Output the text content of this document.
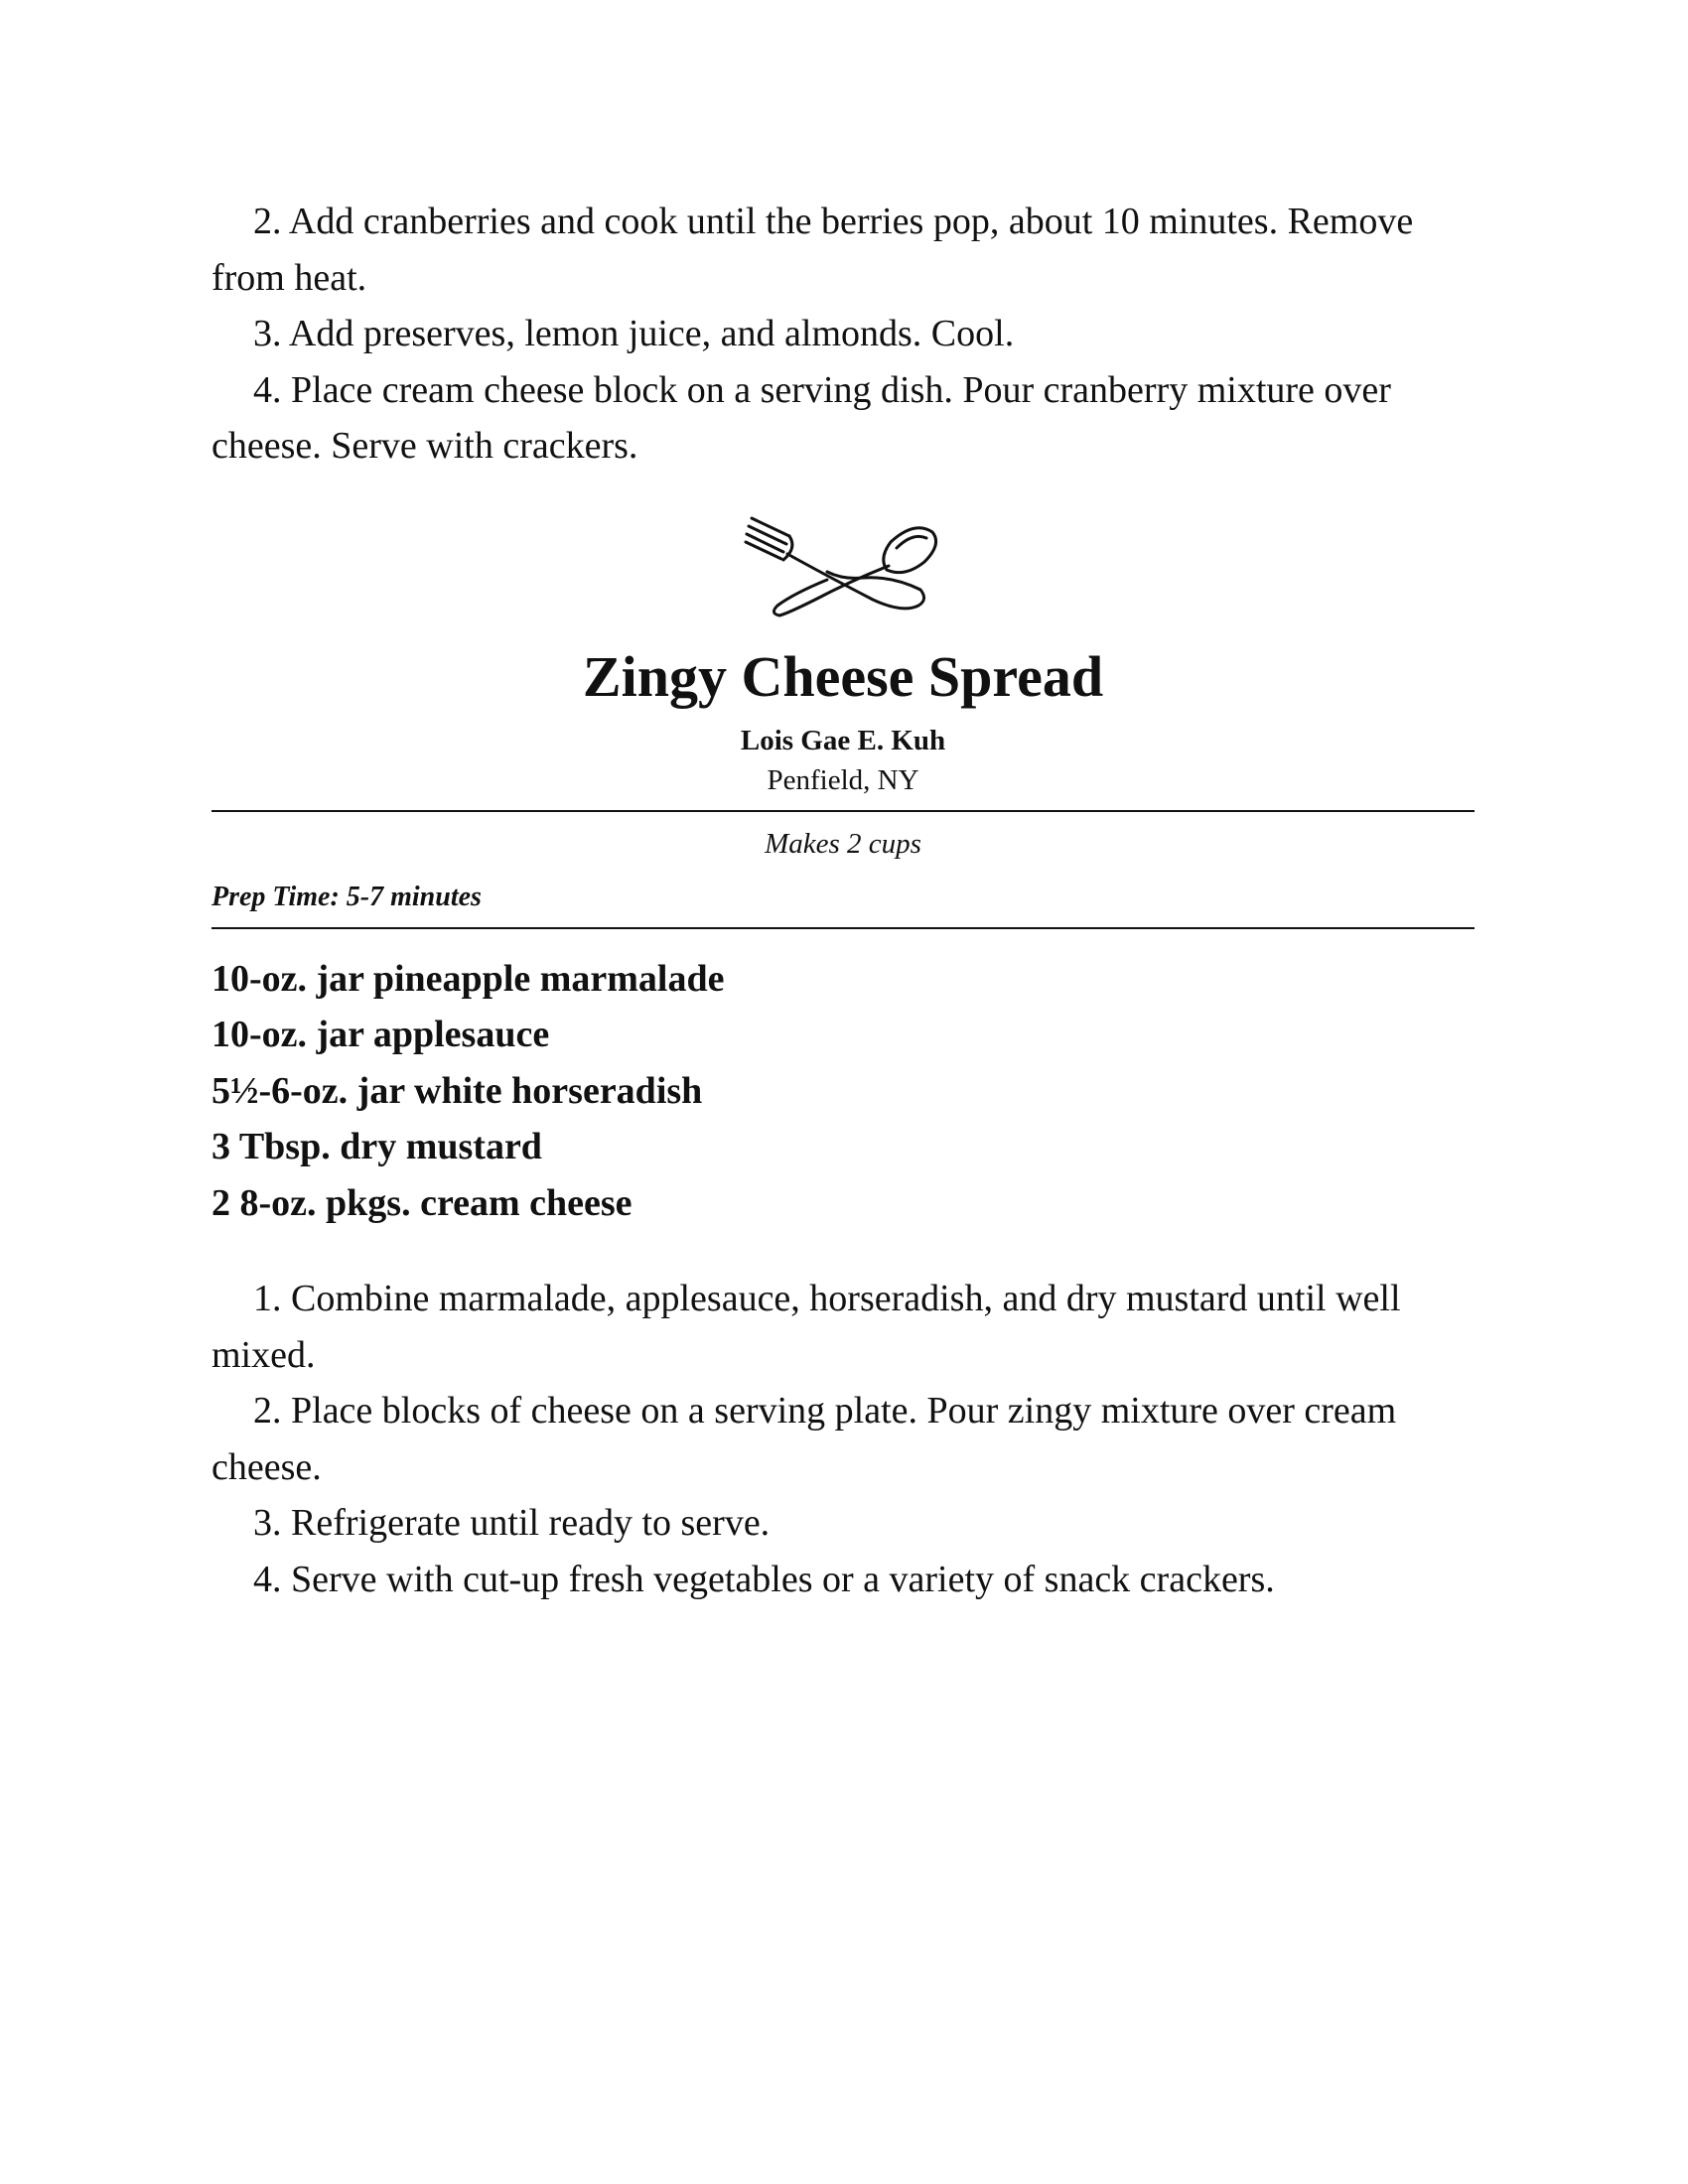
2. Add cranberries and cook until the berries pop, about 10 minutes. Remove from heat.

3. Add preserves, lemon juice, and almonds. Cool.

4. Place cream cheese block on a serving dish. Pour cranberry mixture over cheese. Serve with crackers.

Zingy Cheese Spread
Lois Gae E. Kuh
Penfield, NY
Makes 2 cups
Prep Time: 5-7 minutes
10-oz. jar pineapple marmalade
10-oz. jar applesauce
5½-6-oz. jar white horseradish
3 Tbsp. dry mustard
2 8-oz. pkgs. cream cheese

1. Combine marmalade, applesauce, horseradish, and dry mustard until well mixed.

2. Place blocks of cheese on a serving plate. Pour zingy mixture over cream cheese.

3. Refrigerate until ready to serve.

4. Serve with cut-up fresh vegetables or a variety of snack crackers.
